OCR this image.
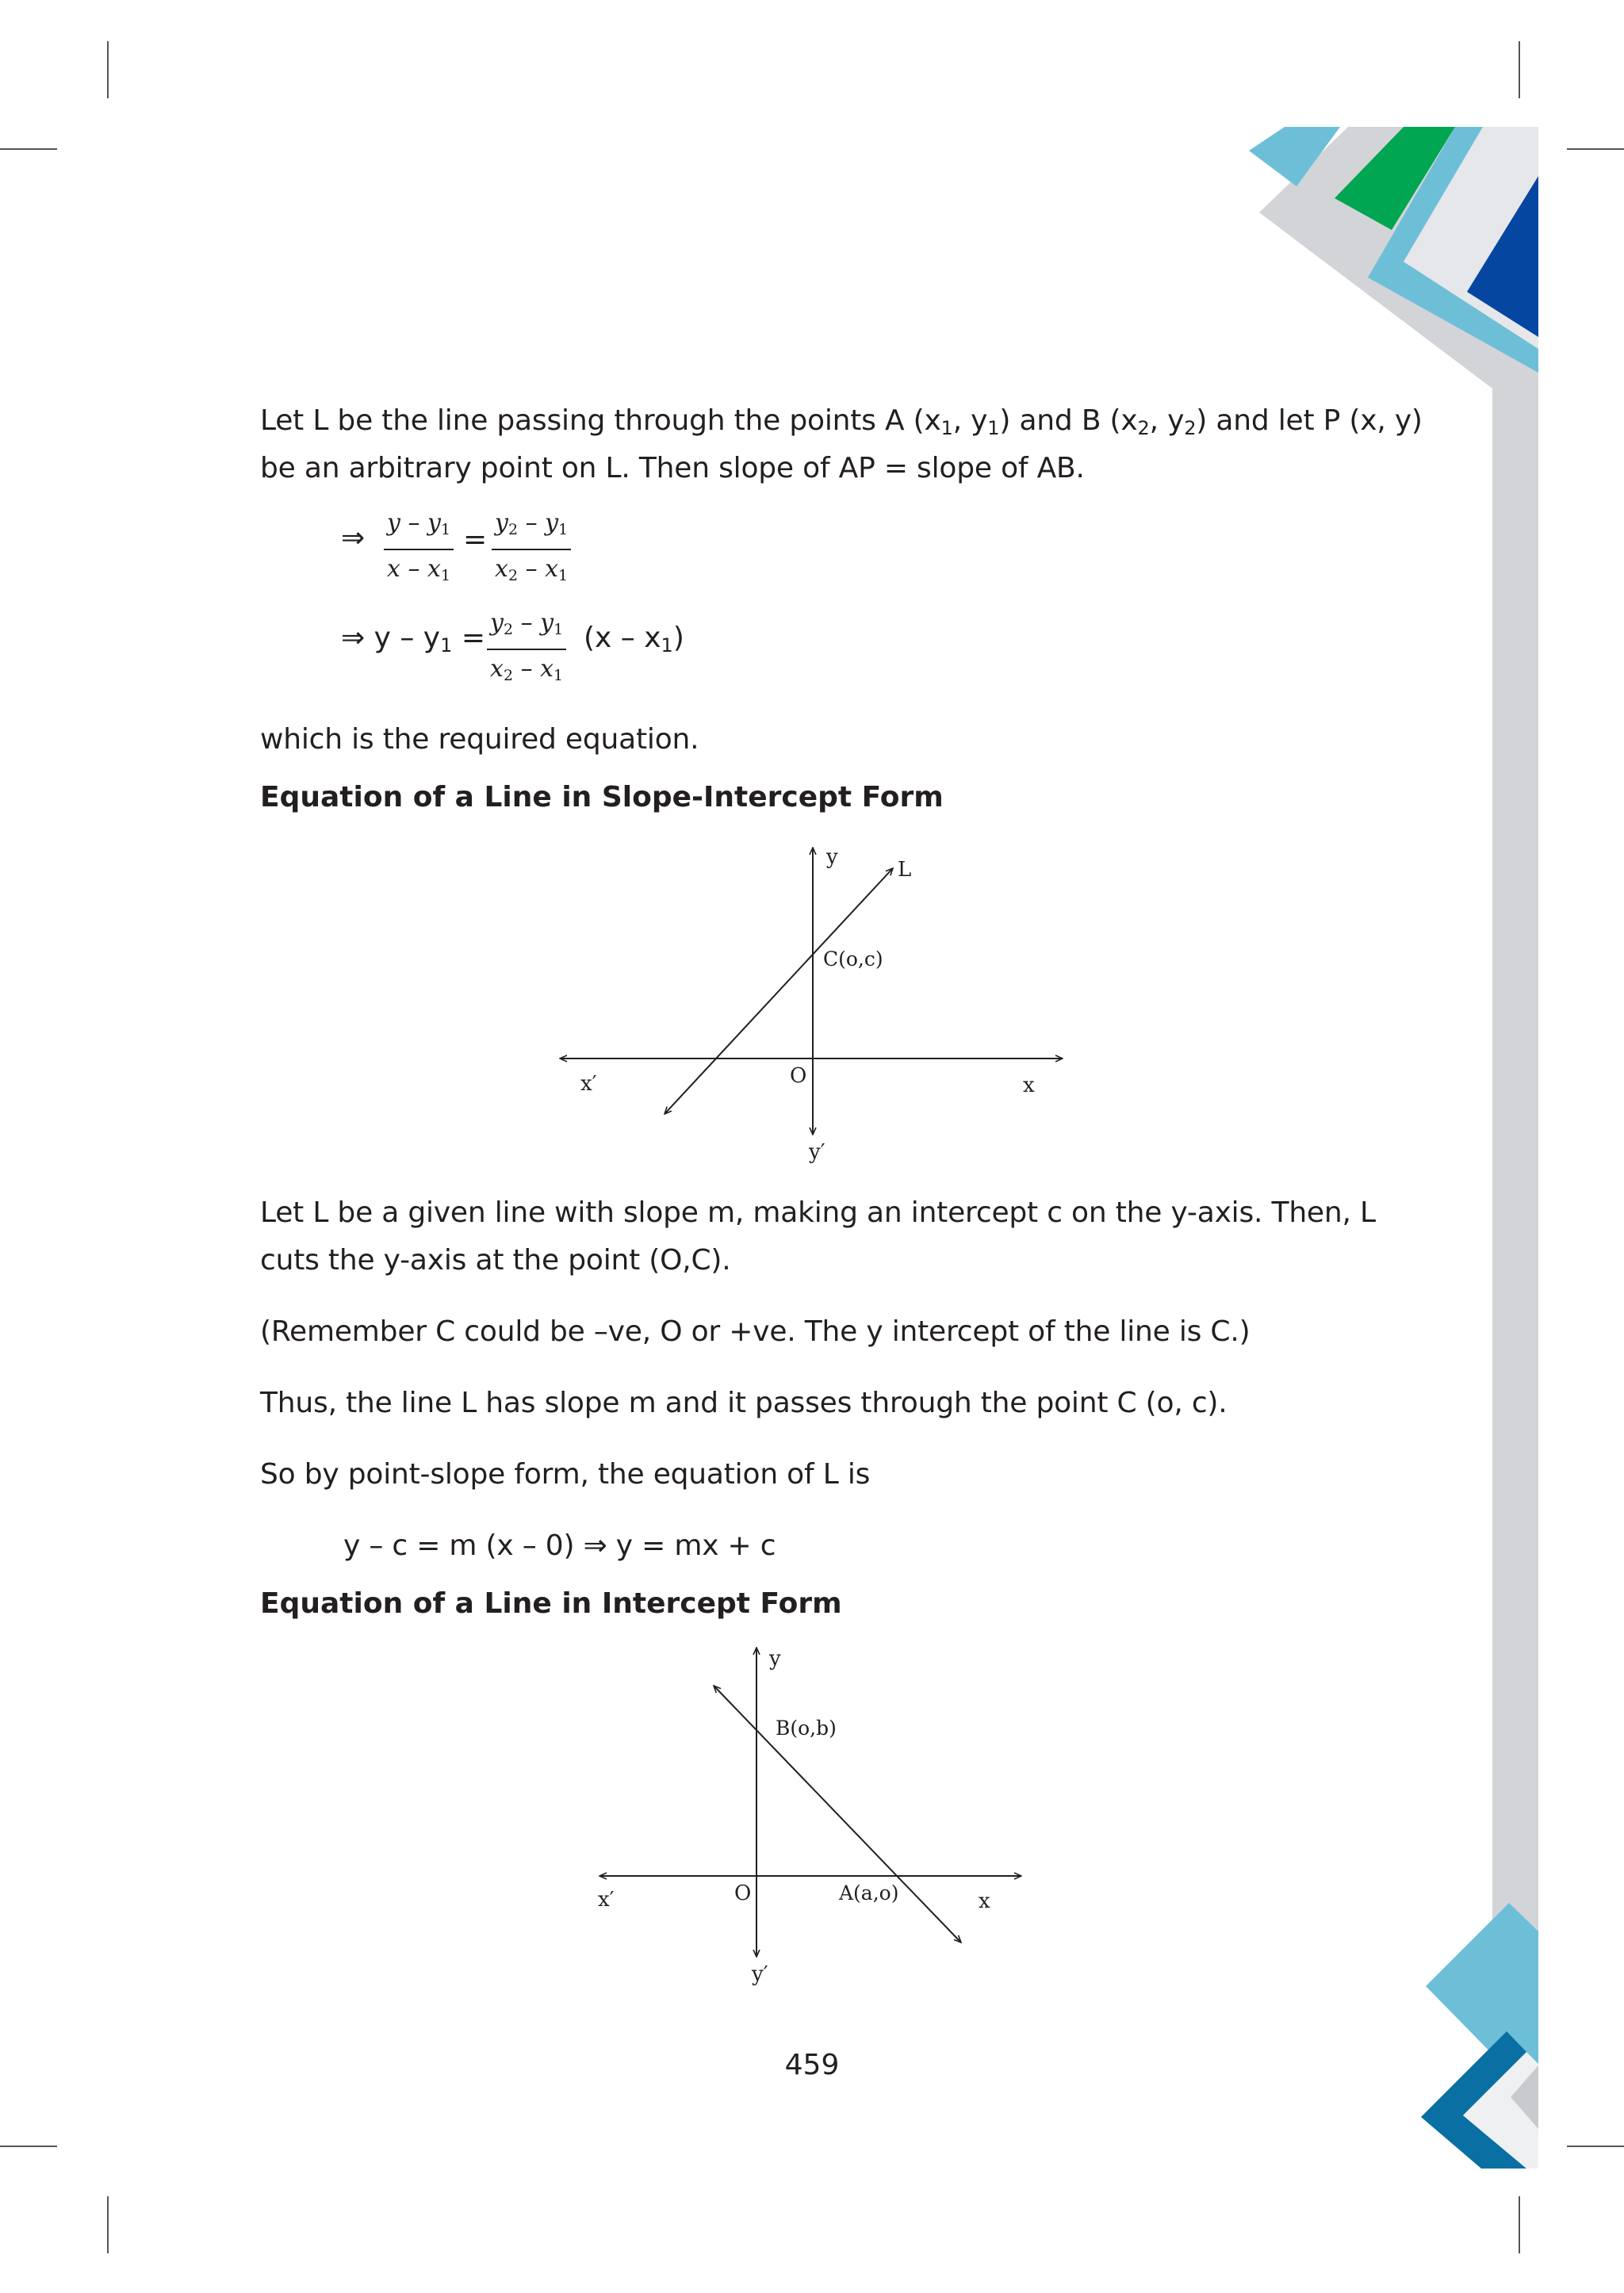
Let L be the line passing through the points A ($x_1$, $y_1$) and B ($x_2$, $y_2$) and let P (x, y)
be an arbitrary point on L. Then slope of AP = slope of AB.
⇒ $\frac{y - y_1}{x - x_1} = \frac{y_2 - y_1}{x_2 - x_1}$
⇒ $y - y_1 = \frac{y_2 - y_1}{x_2 - x_1} (x - x_1)$
which is the required equation.
Equation of a Line in Slope-Intercept Form
y
L
C(o,c)
x′	O	x
y′
Let L be a given line with slope m, making an intercept c on the y-axis. Then, L
cuts the y-axis at the point (O,C).
(Remember C could be –ve, O or +ve. The y intercept of the line is C.)
Thus, the line L has slope m and it passes through the point C (o, c).
So by point-slope form, the equation of L is
y – c = m (x – 0) ⇒ y = mx + c
Equation of a Line in Intercept Form
y
B(o,b)
x′	O	A(a,o)	x
y′
459
